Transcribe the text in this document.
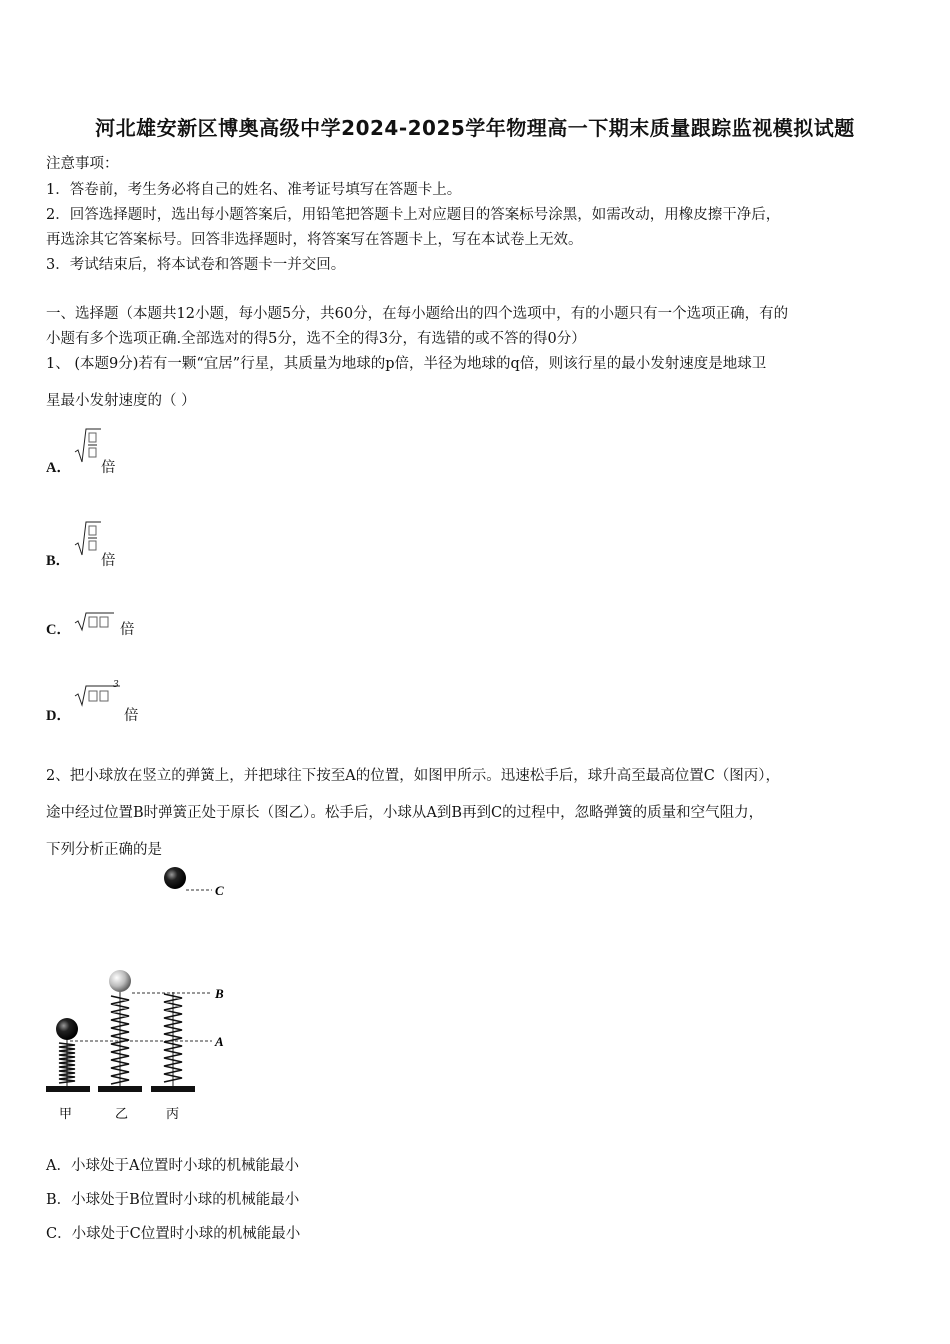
河北雄安新区博奥高级中学2024-2025学年物理高一下期末质量跟踪监视模拟试题
注意事项：
1．答卷前，考生务必将自己的姓名、准考证号填写在答题卡上。
2．回答选择题时，选出每小题答案后，用铅笔把答题卡上对应题目的答案标号涂黑，如需改动，用橡皮擦干净后，
再选涂其它答案标号。回答非选择题时，将答案写在答题卡上，写在本试卷上无效。
3．考试结束后，将本试卷和答题卡一并交回。
一、选择题（本题共12小题，每小题5分，共60分，在每小题给出的四个选项中，有的小题只有一个选项正确，有的
小题有多个选项正确.全部选对的得5分，选不全的得3分，有选错的或不答的得0分）
1、 (本题9分)若有一颗“宜居”行星，其质量为地球的p倍，半径为地球的q倍，则该行星的最小发射速度是地球卫
星最小发射速度的（ ）
A． 倍
B． 倍
C．	倍
D．
3
倍
2、把小球放在竖立的弹簧上，并把球往下按至A的位置，如图甲所示。迅速松手后，球升高至最高位置C（图丙），
途中经过位置B时弹簧正处于原长（图乙）。松手后，小球从A到B再到C的过程中，忽略弹簧的质量和空气阻力，
下列分析正确的是
C
B
A
甲	乙	丙
A．小球处于A位置时小球的机械能最小
B．小球处于B位置时小球的机械能最小
C．小球处于C位置时小球的机械能最小
